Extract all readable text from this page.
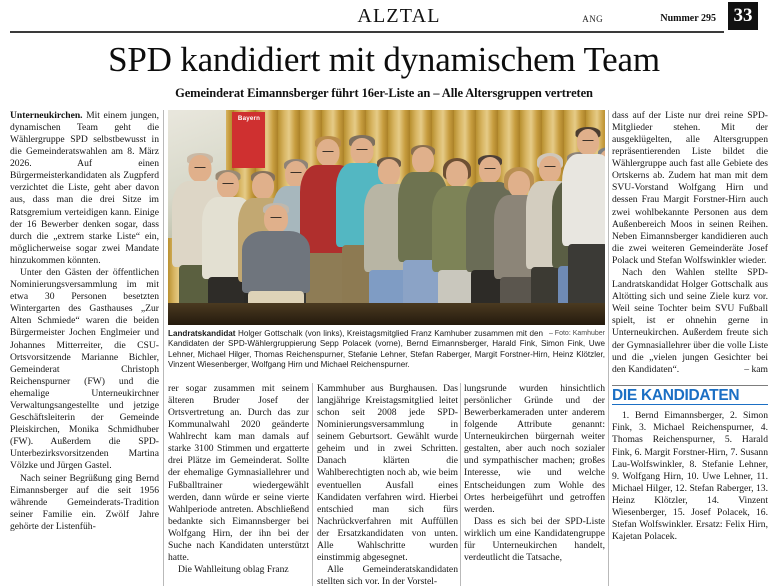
ALZTAL	ANG	Nummer 295 33
SPD kandidiert mit dynamischem Team
Gemeinderat Eimannsberger führt 16er-Liste an – Alle Altersgruppen vertreten

Unterneukirchen. Mit einem jungen, dynamischen Team geht die Wählergruppe SPD selbstbewusst in die Gemeinderatswahlen am 8. März 2026. Auf einen Bürgermeisterkandidaten als Zugpferd verzichtet die Liste, geht aber davon aus, dass man die drei Sitze im Ratsgremium verteidigen kann. Einige der 16 Bewerber denken sogar, dass durch die „extrem starke Liste“ ein, möglicherweise sogar zwei Mandate hinzukommen könnten.

Unter den Gästen der öffentlichen Nominierungsversammlung im mit etwa 30 Personen besetzten Wintergarten des Gasthauses „Zur Alten Schmiede“ waren die beiden Bürgermeister Jochen Englmeier und Johannes Mitterreiter, die CSU-Ortsvorsitzende Marianne Bichler, Gemeinderat Christoph Reichenspurner (FW) und die ehemalige Unterneukirchner Verwaltungsangestellte und jetzige Geschäftsleiterin der Gemeinde Pleiskirchen, Monika Schmidhuber (FW). Außerdem die SPD-Unterbezirksvorsitzenden Martina Völzke und Jürgen Gastel.

Nach seiner Begrüßung ging Bernd Eimannsberger auf die seit 1956 währende Gemeinderats-Tradition seiner Familie ein. Zwölf Jahre gehörte der Listenfüh-

Bayern
– Foto: Kamhuber
Landratskandidat Holger Gottschalk (von links), Kreistagsmitglied Franz Kamhuber zusammen mit den Kandidaten der SPD-Wählergruppierung Sepp Polacek (vorne), Bernd Eimannsberger, Harald Fink, Simon Fink, Uwe Lehner, Michael Hilger, Thomas Reichenspurner, Stefanie Lehner, Stefan Raberger, Margit Forstner-Hirn, Heinz Klötzler, Vinzent Wiesenberger, Wolfgang Hirn und Michael Reichenspurner.

rer sogar zusammen mit seinem älteren Bruder Josef der Ortsvertretung an. Durch das zur Kommunalwahl 2020 geänderte Wahlrecht kam man damals auf starke 3100 Stimmen und ergatterte drei Plätze im Gemeinderat. Sollte der ehemalige Gymnasiallehrer und Fußballtrainer wiedergewählt werden, dann würde er seine vierte Wahlperiode antreten. Abschließend bedankte sich Eimannsberger bei Wolfgang Hirn, der ihn bei der Suche nach Kandidaten unterstützt hatte.

Die Wahlleitung oblag Franz

Kammhuber aus Burghausen. Das langjährige Kreistagsmitglied leitet schon seit 2008 jede SPD-Nominierungsversammlung in seinem Geburtsort. Gewählt wurde geheim und in zwei Schritten. Danach klärten die Wahlberechtigten noch ab, wie beim eventuellen Ausfall eines Kandidaten verfahren wird. Hierbei entschied man sich fürs Nachrückverfahren mit Auffüllen der Ersatzkandidaten von unten. Alle Wahlschritte wurden einstimmig abgesegnet.

Alle Gemeinderatskandidaten stellten sich vor. In der Vorstel-

lungsrunde wurden hinsichtlich persönlicher Gründe und der Bewerberkameraden unter anderem folgende Attribute genannt: Unterneukirchen bürgernah weiter gestalten, aber auch noch sozialer und sympathischer machen; großes Interesse, wie und welche Entscheidungen zum Wohle des Ortes herbeigeführt und getroffen werden.

Dass es sich bei der SPD-Liste wirklich um eine Kandidatengruppe für Unterneukirchen handelt, verdeutlicht die Tatsache,

dass auf der Liste nur drei reine SPD-Mitglieder stehen. Mit der ausgeklügelten, alle Altersgruppen repräsentierenden Liste bildet die Wählergruppe auch fast alle Gebiete des Ortskerns ab. Zudem hat man mit dem SVU-Vorstand Wolfgang Hirn und dessen Frau Margit Forstner-Hirn auch zwei wohlbekannte Personen aus dem Außenbereich Moos in seinen Reihen. Neben Eimannsberger kandidieren auch die zwei weiteren Gemeinderäte Josef Polack und Stefan Wolfswinkler wieder.

Nach den Wahlen stellte SPD-Landratskandidat Holger Gottschalk aus Altötting sich und seine Ziele kurz vor. Weil seine Tochter beim SVU Fußball spielt, ist er ohnehin gerne in Unterneukirchen. Außerdem freute sich der Gymnasiallehrer über die volle Liste und die „vielen jungen Gesichter bei den Kandidaten“.	– kam

DIE KANDIDATEN
1. Bernd Eimannsberger, 2. Simon Fink, 3. Michael Reichenspurner, 4. Thomas Reichenspurner, 5. Harald Fink, 6. Margit Forstner-Hirn, 7. Susann Lau-Wolfswinkler, 8. Stefanie Lehner, 9. Wolfgang Hirn, 10. Uwe Lehner, 11. Michael Hilger, 12. Stefan Raberger, 13. Heinz Klötzler, 14. Vinzent Wiesenberger, 15. Josef Polacek, 16. Stefan Wolfswinkler. Ersatz: Felix Hirn, Kajetan Polacek.
